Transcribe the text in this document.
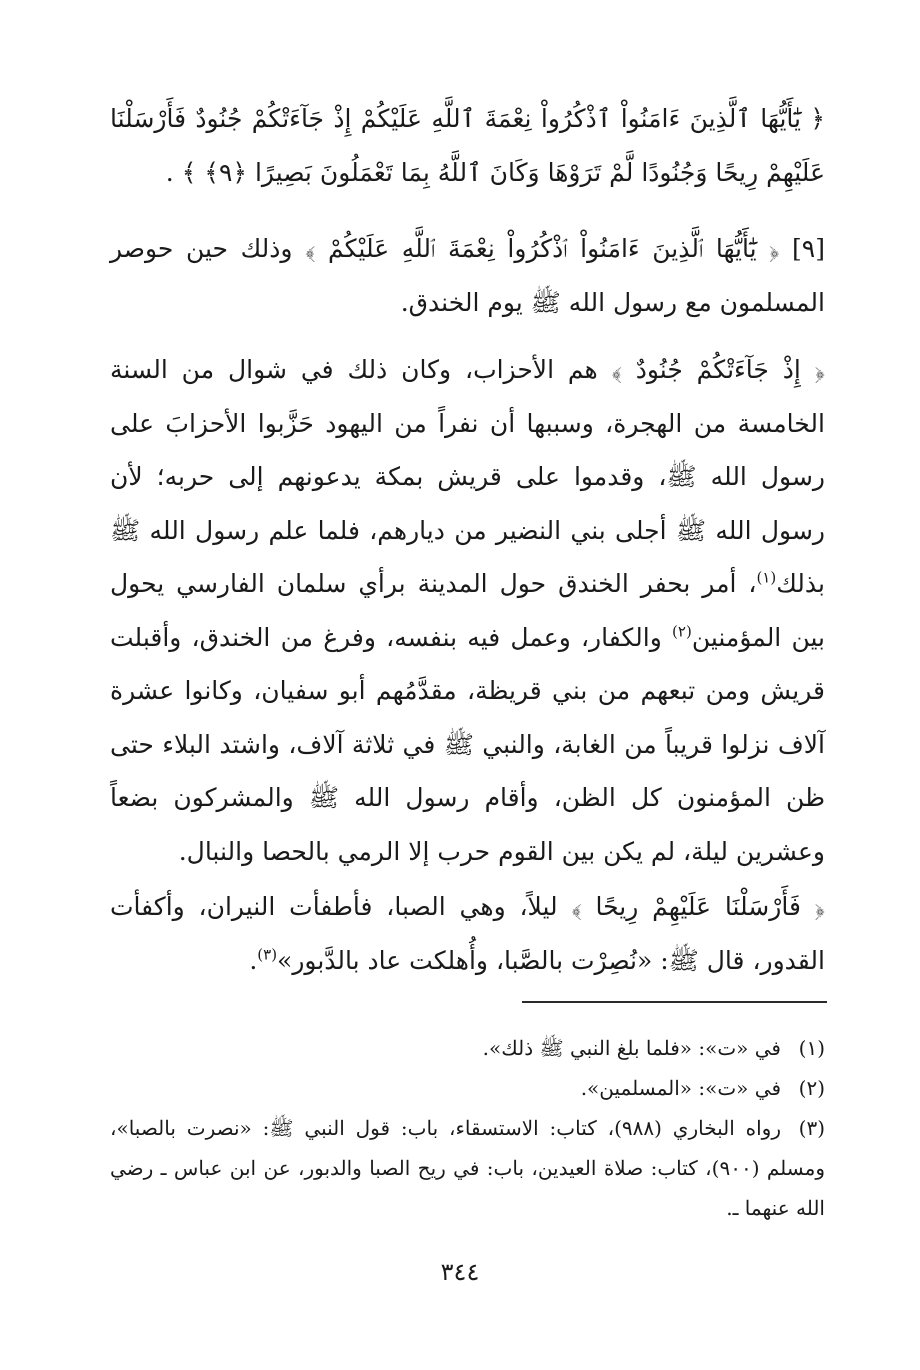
﴿ يَٰٓأَيُّهَا ٱلَّذِينَ ءَامَنُواْ ٱذْكُرُواْ نِعْمَةَ ٱللَّهِ عَلَيْكُمْ إِذْ جَآءَتْكُمْ جُنُودٌ فَأَرْسَلْنَا عَلَيْهِمْ رِيحًا وَجُنُودًا لَّمْ تَرَوْهَا وَكَانَ ٱللَّهُ بِمَا تَعْمَلُونَ بَصِيرًا ﴿٩﴾ ﴾ .

[٩] ﴿ يَٰٓأَيُّهَا ٱلَّذِينَ ءَامَنُواْ ٱذْكُرُواْ نِعْمَةَ ٱللَّهِ عَلَيْكُمْ ﴾ وذلك حين حوصر المسلمون مع رسول الله ﷺ يوم الخندق.

﴿ إِذْ جَآءَتْكُمْ جُنُودٌ ﴾ هم الأحزاب، وكان ذلك في شوال من السنة الخامسة من الهجرة، وسببها أن نفراً من اليهود حَزَّبوا الأحزابَ على رسول الله ﷺ، وقدموا على قريش بمكة يدعونهم إلى حربه؛ لأن رسول الله ﷺ أجلى بني النضير من ديارهم، فلما علم رسول الله ﷺ بذلك$^{(١)}$، أمر بحفر الخندق حول المدينة برأي سلمان الفارسي يحول بين المؤمنين$^{(٢)}$ والكفار، وعمل فيه بنفسه، وفرغ من الخندق، وأقبلت قريش ومن تبعهم من بني قريظة، مقدَّمُهم أبو سفيان، وكانوا عشرة آلاف نزلوا قريباً من الغابة، والنبي ﷺ في ثلاثة آلاف، واشتد البلاء حتى ظن المؤمنون كل الظن، وأقام رسول الله ﷺ والمشركون بضعاً وعشرين ليلة، لم يكن بين القوم حرب إلا الرمي بالحصا والنبال.

﴿ فَأَرْسَلْنَا عَلَيْهِمْ رِيحًا ﴾ ليلاً، وهي الصبا، فأطفأت النيران، وأكفأت القدور، قال ﷺ: «نُصِرْت بالصَّبا، وأُهلكت عاد بالدَّبور»$^{(٣)}$.

(١)في «ت»: «فلما بلغ النبي ﷺ ذلك».

(٢)في «ت»: «المسلمين».

(٣)رواه البخاري (٩٨٨)، كتاب: الاستسقاء، باب: قول النبي ﷺ: «نصرت بالصبا»، ومسلم (٩٠٠)، كتاب: صلاة العيدين، باب: في ريح الصبا والدبور، عن ابن عباس ـ رضي الله عنهما ـ.

٣٤٤
